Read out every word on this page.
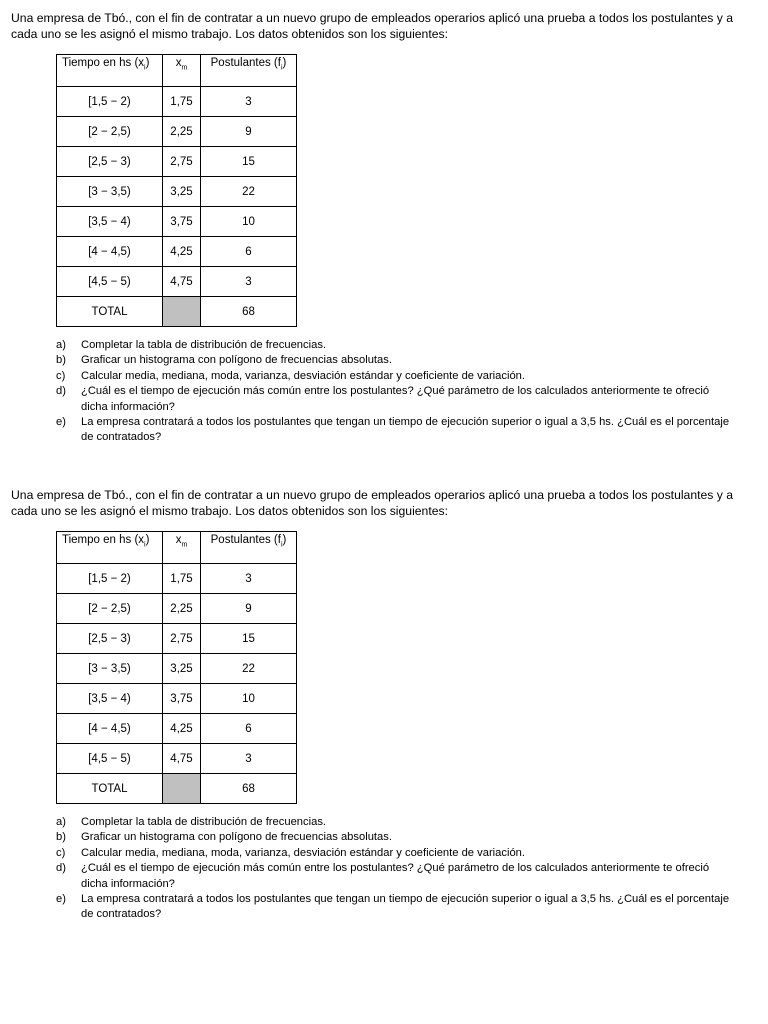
Una empresa de Tbó., con el fin de contratar a un nuevo grupo de empleados operarios aplicó una prueba a todos los postulantes y a cada uno se les asignó el mismo trabajo. Los datos obtenidos son los siguientes:

Tiempo en hs $(x_i)$	$x_m$	Postulantes $(f_i)$
[1,5 − 2)	1,75	3
[2 − 2,5)	2,25	9
[2,5 − 3)	2,75	15
[3 − 3,5)	3,25	22
[3,5 − 4)	3,75	10
[4 − 4,5)	4,25	6
[4,5 − 5)	4,75	3
TOTAL		68
a) Completar la tabla de distribución de frecuencias.
b) Graficar un histograma con polígono de frecuencias absolutas.
c) Calcular media, mediana, moda, varianza, desviación estándar y coeficiente de variación.
d) ¿Cuál es el tiempo de ejecución más común entre los postulantes? ¿Qué parámetro de los calculados anteriormente te ofreció dicha información?
e) La empresa contratará a todos los postulantes que tengan un tiempo de ejecución superior o igual a 3,5 hs. ¿Cuál es el porcentaje de contratados?

Una empresa de Tbó., con el fin de contratar a un nuevo grupo de empleados operarios aplicó una prueba a todos los postulantes y a cada uno se les asignó el mismo trabajo. Los datos obtenidos son los siguientes:

Tiempo en hs $(x_i)$	$x_m$	Postulantes $(f_i)$
[1,5 − 2)	1,75	3
[2 − 2,5)	2,25	9
[2,5 − 3)	2,75	15
[3 − 3,5)	3,25	22
[3,5 − 4)	3,75	10
[4 − 4,5)	4,25	6
[4,5 − 5)	4,75	3
TOTAL		68
a) Completar la tabla de distribución de frecuencias.
b) Graficar un histograma con polígono de frecuencias absolutas.
c) Calcular media, mediana, moda, varianza, desviación estándar y coeficiente de variación.
d) ¿Cuál es el tiempo de ejecución más común entre los postulantes? ¿Qué parámetro de los calculados anteriormente te ofreció dicha información?
e) La empresa contratará a todos los postulantes que tengan un tiempo de ejecución superior o igual a 3,5 hs. ¿Cuál es el porcentaje de contratados?
